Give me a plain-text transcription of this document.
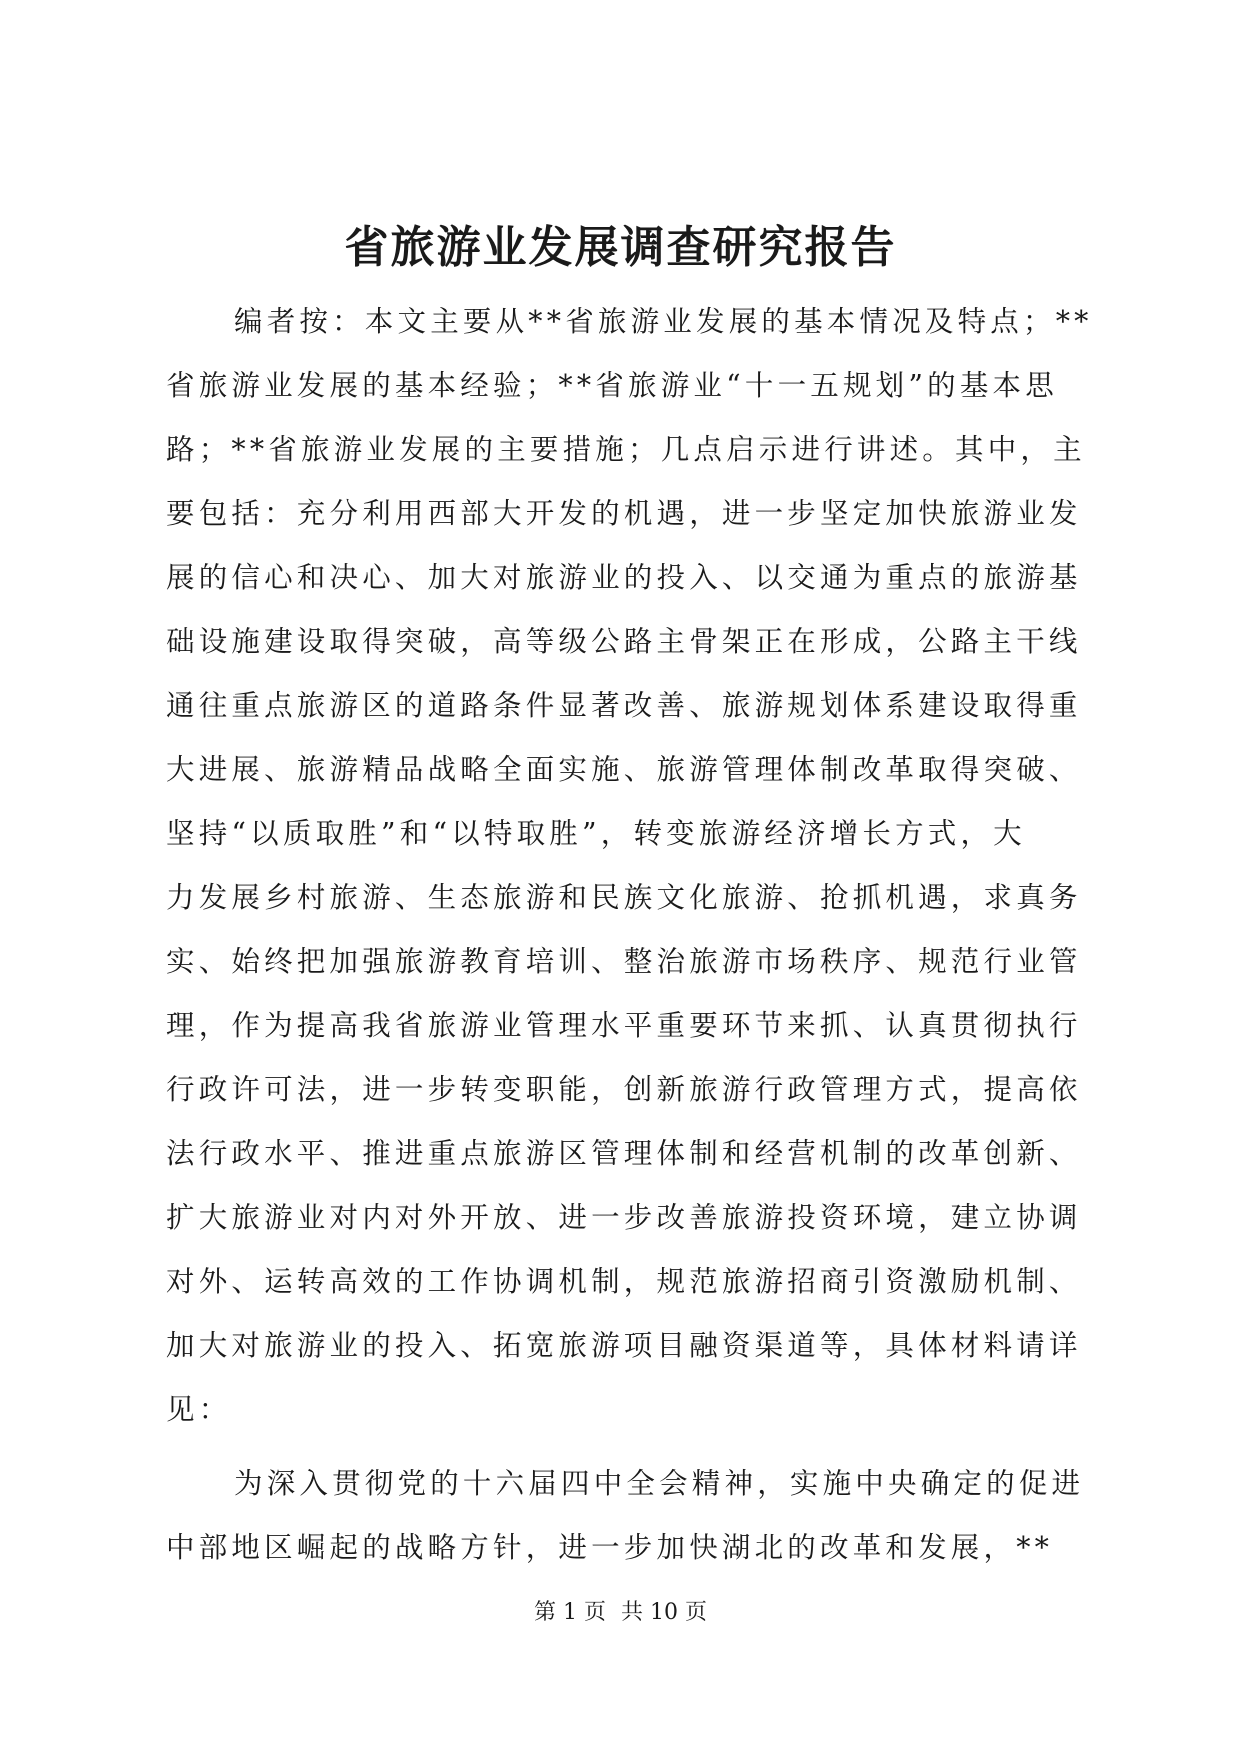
省旅游业发展调查研究报告
编者按：本文主要从**省旅游业发展的基本情况及特点；**
省旅游业发展的基本经验；**省旅游业“十一五规划”的基本思
路；**省旅游业发展的主要措施；几点启示进行讲述。其中，主
要包括：充分利用西部大开发的机遇，进一步坚定加快旅游业发
展的信心和决心、加大对旅游业的投入、以交通为重点的旅游基
础设施建设取得突破，高等级公路主骨架正在形成，公路主干线
通往重点旅游区的道路条件显著改善、旅游规划体系建设取得重
大进展、旅游精品战略全面实施、旅游管理体制改革取得突破、
坚持“以质取胜”和“以特取胜”，转变旅游经济增长方式，大
力发展乡村旅游、生态旅游和民族文化旅游、抢抓机遇，求真务
实、始终把加强旅游教育培训、整治旅游市场秩序、规范行业管
理，作为提高我省旅游业管理水平重要环节来抓、认真贯彻执行
行政许可法，进一步转变职能，创新旅游行政管理方式，提高依
法行政水平、推进重点旅游区管理体制和经营机制的改革创新、
扩大旅游业对内对外开放、进一步改善旅游投资环境，建立协调
对外、运转高效的工作协调机制，规范旅游招商引资激励机制、
加大对旅游业的投入、拓宽旅游项目融资渠道等，具体材料请详
见：
为深入贯彻党的十六届四中全会精神，实施中央确定的促进
中部地区崛起的战略方针，进一步加快湖北的改革和发展，**
第 1 页 共 10 页
